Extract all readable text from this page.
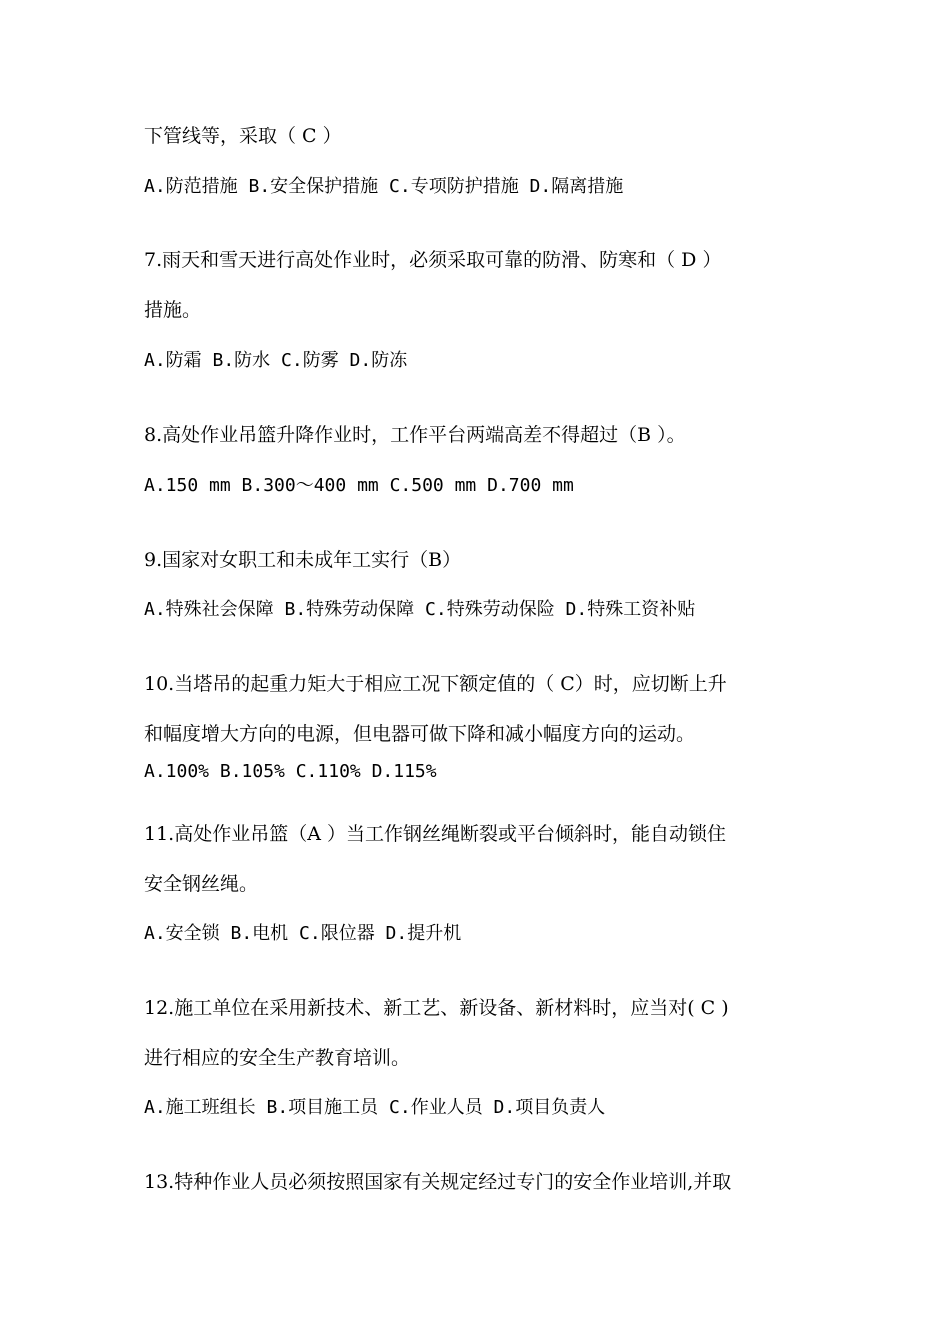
下管线等，采取（ C ）
A.防范措施 B.安全保护措施 C.专项防护措施 D.隔离措施
7.雨天和雪天进行高处作业时，必须采取可靠的防滑、防寒和（ D ）
措施。
A.防霜 B.防水 C.防雾 D.防冻
8.高处作业吊篮升降作业时，工作平台两端高差不得超过（B ）。
A.150 mm B.300～400 mm C.500 mm D.700 mm
9.国家对女职工和未成年工实行（B）
A.特殊社会保障 B.特殊劳动保障 C.特殊劳动保险 D.特殊工资补贴
10.当塔吊的起重力矩大于相应工况下额定值的（ C）时，应切断上升
和幅度增大方向的电源，但电器可做下降和减小幅度方向的运动。
A.100% B.105% C.110% D.115%
11.高处作业吊篮（A ）当工作钢丝绳断裂或平台倾斜时，能自动锁住
安全钢丝绳。
A.安全锁 B.电机 C.限位器 D.提升机
12.施工单位在采用新技术、新工艺、新设备、新材料时，应当对( C )
进行相应的安全生产教育培训。
A.施工班组长 B.项目施工员 C.作业人员 D.项目负责人
13.特种作业人员必须按照国家有关规定经过专门的安全作业培训,并取
